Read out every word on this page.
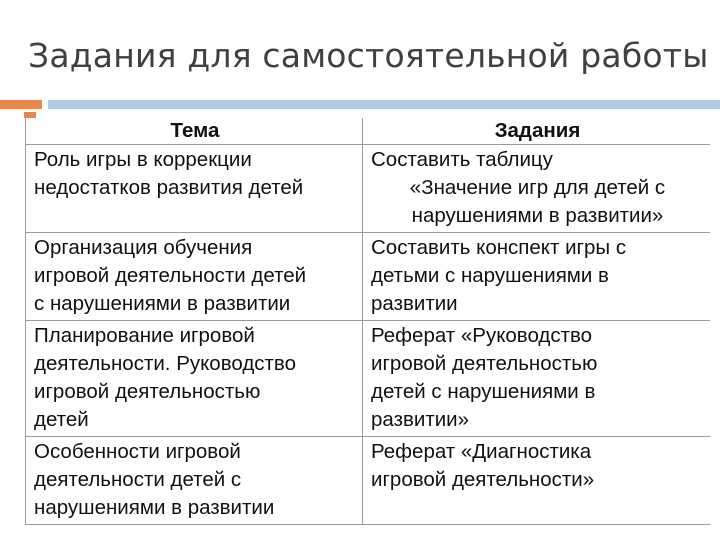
Задания для самостоятельной работы
Тема	Задания

Роль игры в коррекции
недостатков развития детей	Составить таблицу
«Значение игр для детей с
нарушениями в развитии»

Организация обучения
игровой деятельности детей
с нарушениями в развитии	Составить конспект игры с
детьми с нарушениями в
развитии

Планирование игровой
деятельности. Руководство
игровой деятельностью
детей	Реферат «Руководство
игровой деятельностью
детей с нарушениями в
развитии»

Особенности игровой
деятельности детей с
нарушениями в развитии	Реферат «Диагностика
игровой деятельности»
